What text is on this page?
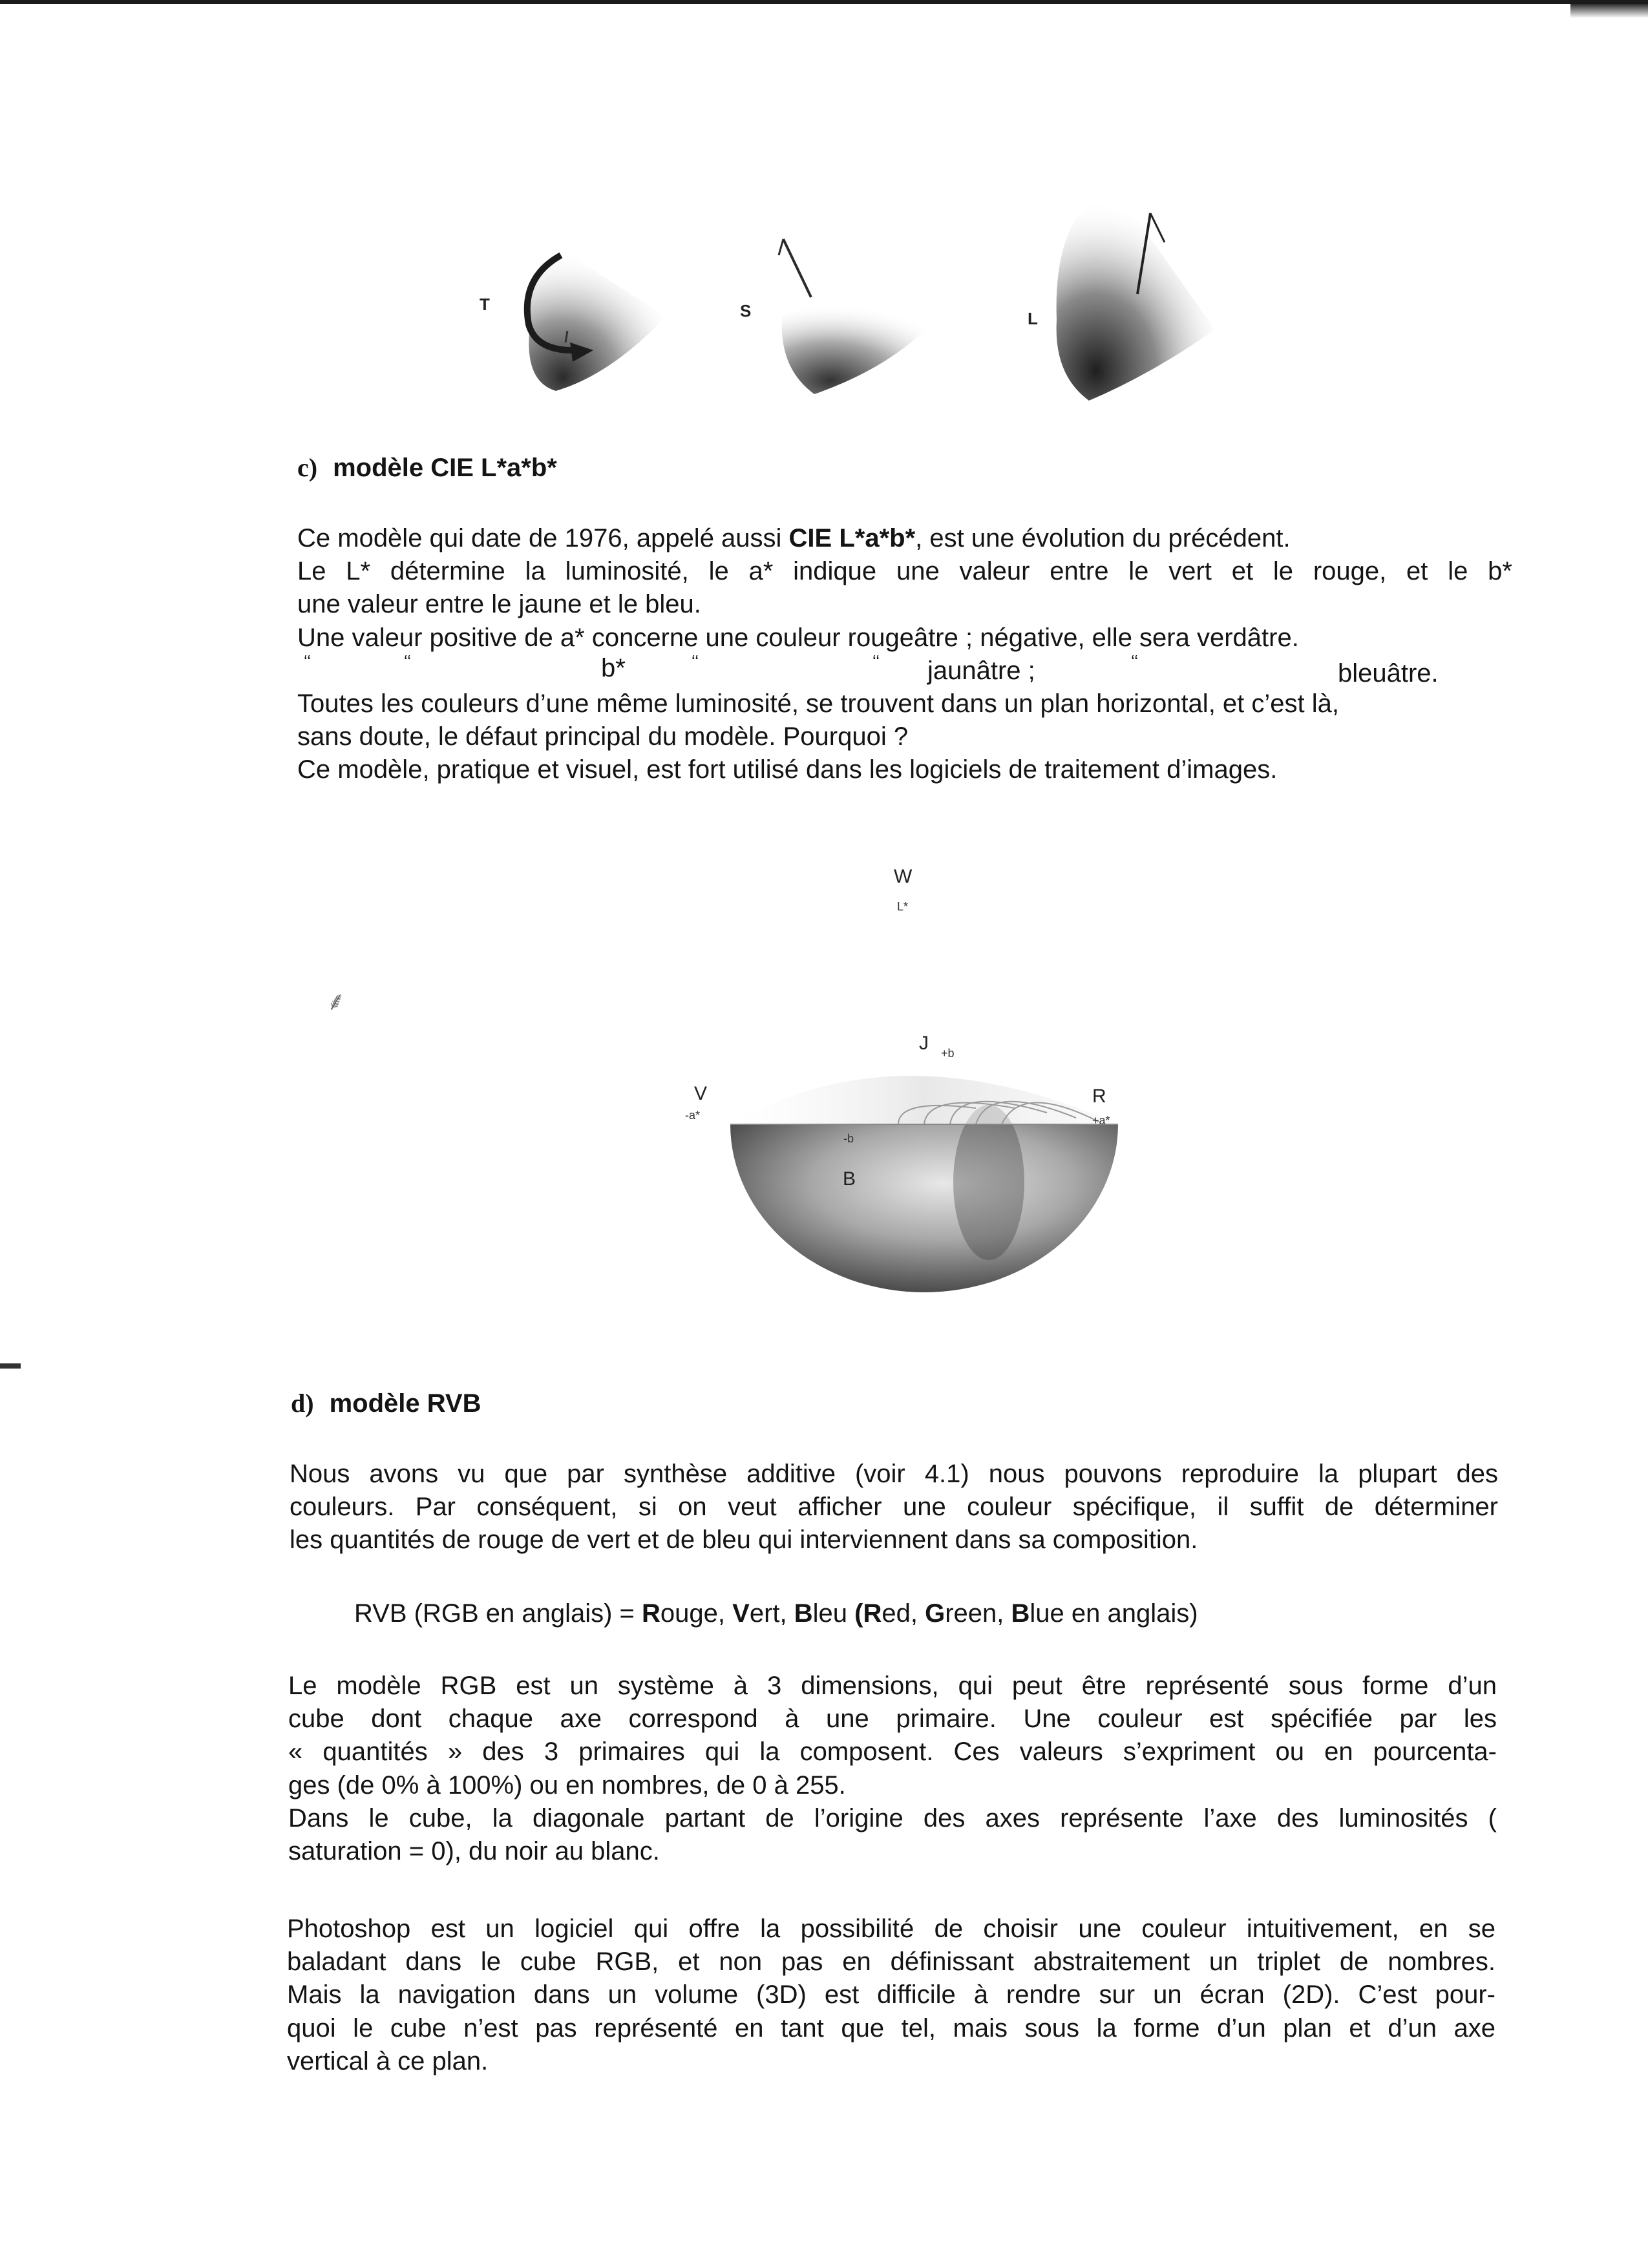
T	S	L
c) modèle CIE L*a*b*
Ce modèle qui date de 1976, appelé aussi CIE L*a*b*, est une évolution du précédent.
Le L* détermine la luminosité, le a* indique une valeur entre le vert et le rouge, et le b*
une valeur entre le jaune et le bleu.
Une valeur positive de a* concerne une couleur rougeâtre ; négative, elle sera verdâtre.
‘‘	‘‘	b*	‘‘	‘‘ jaunâtre ;	‘‘	bleuâtre.
Toutes les couleurs d’une même luminosité, se trouvent dans un plan horizontal, et c’est là,
sans doute, le défaut principal du modèle. Pourquoi ?
Ce modèle, pratique et visuel, est fort utilisé dans les logiciels de traitement d’images.
W
L*
⸙
J +b
V
-a*
R
+a*
-b
B
d) modèle RVB
Nous avons vu que par synthèse additive (voir 4.1) nous pouvons reproduire la plupart des
couleurs. Par conséquent, si on veut afficher une couleur spécifique, il suffit de déterminer
les quantités de rouge de vert et de bleu qui interviennent dans sa composition.
RVB (RGB en anglais) = Rouge, Vert, Bleu (Red, Green, Blue en anglais)
Le modèle RGB est un système à 3 dimensions, qui peut être représenté sous forme d’un
cube dont chaque axe correspond à une primaire. Une couleur est spécifiée par les
« quantités » des 3 primaires qui la composent. Ces valeurs s’expriment ou en pourcenta-
ges (de 0% à 100%) ou en nombres, de 0 à 255.
Dans le cube, la diagonale partant de l’origine des axes représente l’axe des luminosités (
saturation = 0), du noir au blanc.
Photoshop est un logiciel qui offre la possibilité de choisir une couleur intuitivement, en se
baladant dans le cube RGB, et non pas en définissant abstraitement un triplet de nombres.
Mais la navigation dans un volume (3D) est difficile à rendre sur un écran (2D). C’est pour-
quoi le cube n’est pas représenté en tant que tel, mais sous la forme d’un plan et d’un axe
vertical à ce plan.
